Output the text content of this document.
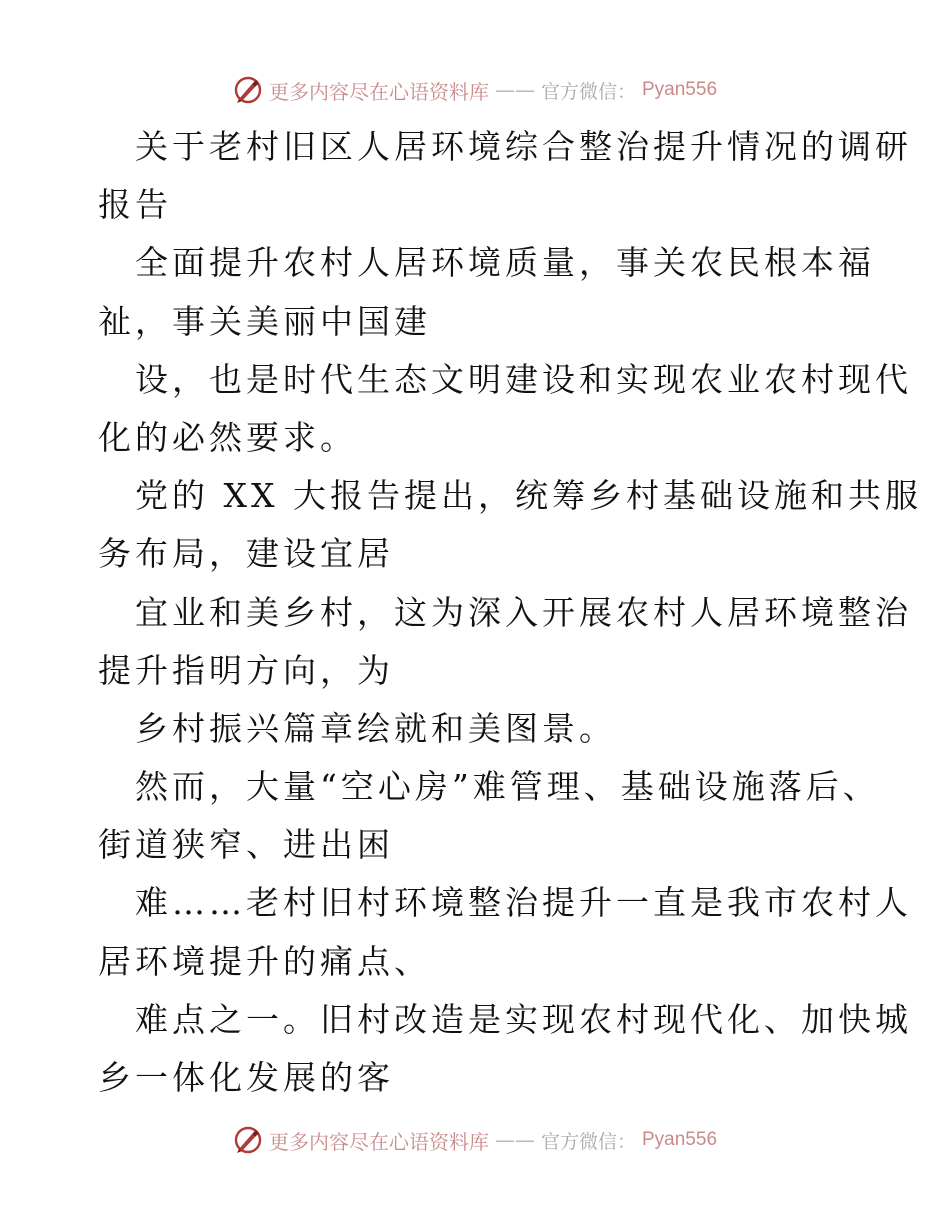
更多内容尽在心语资料库 —— 官方微信： Pyan556
关于老村旧区人居环境综合整治提升情况的调研
报告
全面提升农村人居环境质量，事关农民根本福
祉，事关美丽中国建
设，也是时代生态文明建设和实现农业农村现代
化的必然要求。
党的 XX 大报告提出，统筹乡村基础设施和共服
务布局，建设宜居
宜业和美乡村，这为深入开展农村人居环境整治
提升指明方向，为
乡村振兴篇章绘就和美图景。
然而，大量“空心房”难管理、基础设施落后、
街道狭窄、进出困
难……老村旧村环境整治提升一直是我市农村人
居环境提升的痛点、
难点之一。旧村改造是实现农村现代化、加快城
乡一体化发展的客
更多内容尽在心语资料库 —— 官方微信： Pyan556
